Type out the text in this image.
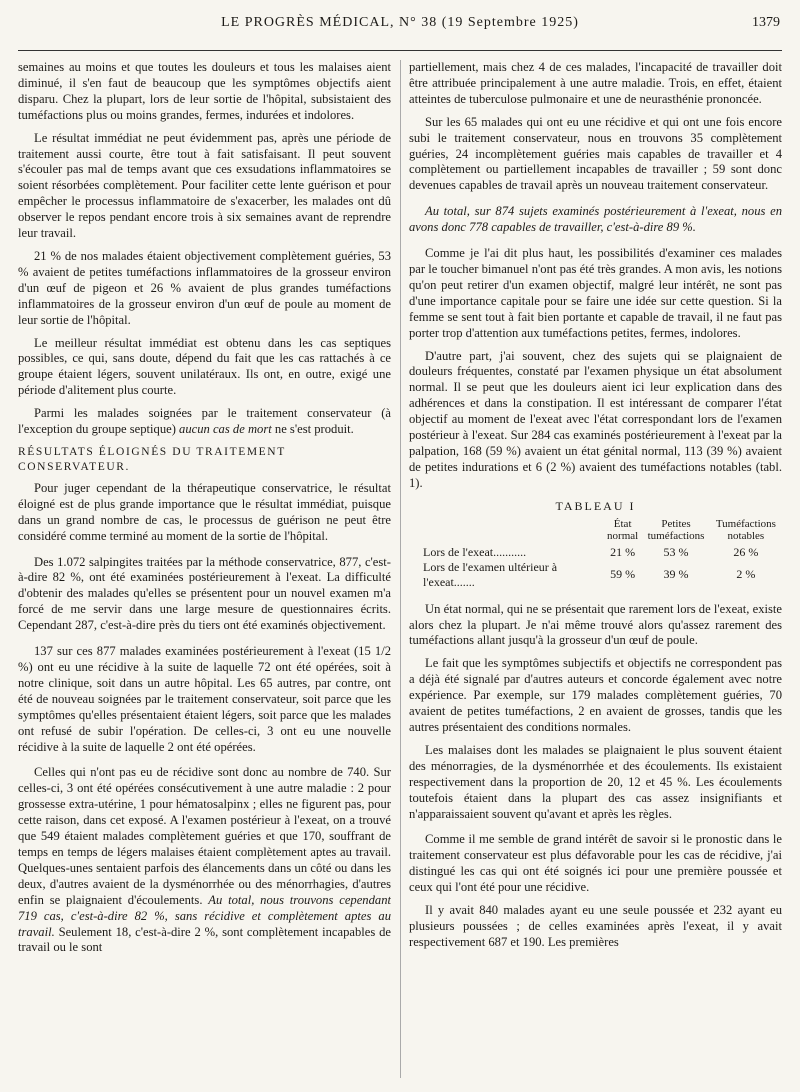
LE PROGRÈS MÉDICAL, N° 38 (19 Septembre 1925)	1379

semaines au moins et que toutes les douleurs et tous les malaises aient diminué, il s'en faut de beaucoup que les symptômes objectifs aient disparu. Chez la plupart, lors de leur sortie de l'hôpital, subsistaient des tuméfactions plus ou moins grandes, fermes, indurées et indolores.

Le résultat immédiat ne peut évidemment pas, après une période de traitement aussi courte, être tout à fait satisfaisant. Il peut souvent s'écouler pas mal de temps avant que ces exsudations inflammatoires se soient résorbées complètement. Pour faciliter cette lente guérison et pour empêcher le processus inflammatoire de s'exacerber, les malades ont dû observer le repos pendant encore trois à six semaines avant de reprendre leur travail.

21 % de nos malades étaient objectivement complètement guéries, 53 % avaient de petites tuméfactions inflammatoires de la grosseur environ d'un œuf de pigeon et 26 % avaient de plus grandes tuméfactions inflammatoires de la grosseur environ d'un œuf de poule au moment de leur sortie de l'hôpital.

Le meilleur résultat immédiat est obtenu dans les cas septiques possibles, ce qui, sans doute, dépend du fait que les cas rattachés à ce groupe étaient légers, souvent unilatéraux. Ils ont, en outre, exigé une période d'alitement plus courte.

Parmi les malades soignées par le traitement conservateur (à l'exception du groupe septique) aucun cas de mort ne s'est produit.

RÉSULTATS ÉLOIGNÉS DU TRAITEMENT CONSERVATEUR.

Pour juger cependant de la thérapeutique conservatrice, le résultat éloigné est de plus grande importance que le résultat immédiat, puisque dans un grand nombre de cas, le processus de guérison ne peut être considéré comme terminé au moment de la sortie de l'hôpital.

Des 1.072 salpingites traitées par la méthode conservatrice, 877, c'est-à-dire 82 %, ont été examinées postérieurement à l'exeat. La difficulté d'obtenir des malades qu'elles se présentent pour un nouvel examen m'a forcé de me servir dans une large mesure de questionnaires écrits. Cependant 287, c'est-à-dire près du tiers ont été examinés objectivement.

137 sur ces 877 malades examinées postérieurement à l'exeat (15 1/2 %) ont eu une récidive à la suite de laquelle 72 ont été opérées, soit à notre clinique, soit dans un autre hôpital. Les 65 autres, par contre, ont été de nouveau soignées par le traitement conservateur, soit parce que les symptômes qu'elles présentaient étaient légers, soit parce que les malades ont refusé de subir l'opération. De celles-ci, 3 ont eu une nouvelle récidive à la suite de laquelle 2 ont été opérées.

Celles qui n'ont pas eu de récidive sont donc au nombre de 740. Sur celles-ci, 3 ont été opérées consécutivement à une autre maladie : 2 pour grossesse extra-utérine, 1 pour hématosalpinx ; elles ne figurent pas, pour cette raison, dans cet exposé. A l'examen postérieur à l'exeat, on a trouvé que 549 étaient malades complètement guéries et que 170, souffrant de temps en temps de légers malaises étaient complètement aptes au travail. Quelques-unes sentaient parfois des élancements dans un côté ou dans les deux, d'autres avaient de la dysménorrhée ou des ménorrhagies, d'autres enfin se plaignaient d'écoulements. Au total, nous trouvons cependant 719 cas, c'est-à-dire 82 %, sans récidive et complètement aptes au travail. Seulement 18, c'est-à-dire 2 %, sont complètement incapables de travail ou le sont

partiellement, mais chez 4 de ces malades, l'incapacité de travailler doit être attribuée principalement à une autre maladie. Trois, en effet, étaient atteintes de tuberculose pulmonaire et une de neurasthénie prononcée.

Sur les 65 malades qui ont eu une récidive et qui ont une fois encore subi le traitement conservateur, nous en trouvons 35 complètement guéries, 24 incomplètement guéries mais capables de travailler et 4 complètement ou partiellement incapables de travailler ; 59 sont donc devenues capables de travail après un nouveau traitement conservateur.

Au total, sur 874 sujets examinés postérieurement à l'exeat, nous en avons donc 778 capables de travailler, c'est-à-dire 89 %.

Comme je l'ai dit plus haut, les possibilités d'examiner ces malades par le toucher bimanuel n'ont pas été très grandes. A mon avis, les notions qu'on peut retirer d'un examen objectif, malgré leur intérêt, ne sont pas d'une importance capitale pour se faire une idée sur cette question. Si la femme se sent tout à fait bien portante et capable de travail, il ne faut pas porter trop d'attention aux tuméfactions petites, fermes, indolores.

D'autre part, j'ai souvent, chez des sujets qui se plaignaient de douleurs fréquentes, constaté par l'examen physique un état absolument normal. Il se peut que les douleurs aient ici leur explication dans des adhérences et dans la constipation. Il est intéressant de comparer l'état objectif au moment de l'exeat avec l'état correspondant lors de l'examen postérieur à l'exeat. Sur 284 cas examinés postérieurement à l'exeat par la palpation, 168 (59 %) avaient un état génital normal, 113 (39 %) avaient de petites indurations et 6 (2 %) avaient des tuméfactions notables (tabl. 1).

TABLEAU I
	État normal	Petites tuméfactions	Tuméfactions notables
Lors de l'exeat...........	21 %	53 %	26 %
Lors de l'examen ultérieur à l'exeat.......	59 %	39 %	2 %

Un état normal, qui ne se présentait que rarement lors de l'exeat, existe alors chez la plupart. Je n'ai même trouvé alors qu'assez rarement des tuméfactions allant jusqu'à la grosseur d'un œuf de poule.

Le fait que les symptômes subjectifs et objectifs ne correspondent pas a déjà été signalé par d'autres auteurs et concorde également avec notre expérience. Par exemple, sur 179 malades complètement guéries, 70 avaient de petites tuméfactions, 2 en avaient de grosses, tandis que les autres présentaient des conditions normales.

Les malaises dont les malades se plaignaient le plus souvent étaient des ménorragies, de la dysménorrhée et des écoulements. Ils existaient respectivement dans la proportion de 20, 12 et 45 %. Les écoulements toutefois étaient dans la plupart des cas assez insignifiants et n'apparaissaient souvent qu'avant et après les règles.

Comme il me semble de grand intérêt de savoir si le pronostic dans le traitement conservateur est plus défavorable pour les cas de récidive, j'ai distingué les cas qui ont été soignés ici pour une première poussée et ceux qui l'ont été pour une récidive.

Il y avait 840 malades ayant eu une seule poussée et 232 ayant eu plusieurs poussées ; de celles examinées après l'exeat, il y avait respectivement 687 et 190. Les premières
